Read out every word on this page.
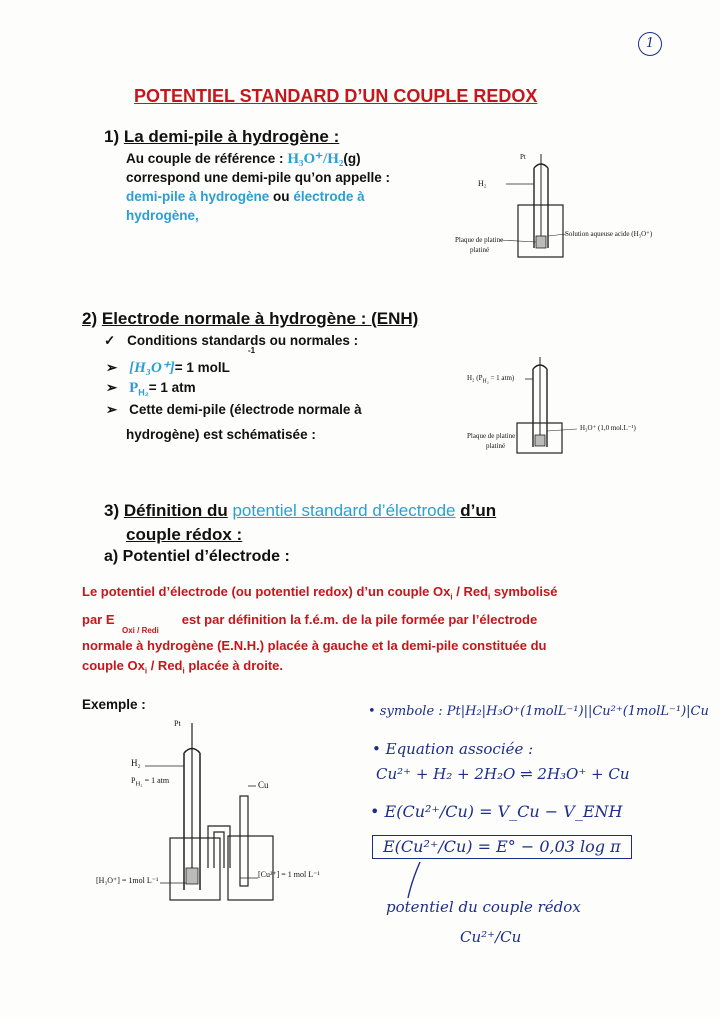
1
POTENTIEL STANDARD D’UN COUPLE REDOX
1) La demi-pile à hydrogène :
Au couple de référence : H₃O⁺/H₂(g)
correspond une demi-pile qu’on appelle :
demi-pile à hydrogène ou électrode à
hydrogène,
Pt
H₂
Plaque de platine
platiné
Solution aqueuse acide (H₃O⁺)
2) Electrode normale à hydrogène : (ENH)
✓ Conditions standards ou normales :
➢ [H₃O⁺]= 1 molL
-1
➢ $P_{H_2}= 1$ atm
➢ Cette demi-pile (électrode normale à
hydrogène) est schématisée :
H₂ ($P_{H_2} = 1$ atm)
Plaque de platine
platiné
H₃O⁺ (1,0 mol.L⁻¹)
3) Définition du potentiel standard d’électrode d’un
couple rédox :
a) Potentiel d’électrode :
Le potentiel d’électrode (ou potentiel redox) d’un couple $Ox_i / Red_i$ symbolisé
par E	est par définition la f.é.m. de la pile formée par l’électrode
Oxi / Redi
normale à hydrogène (E.N.H.) placée à gauche et la demi-pile constituée du
couple $Ox_i / Red_i$ placée à droite.
Exemple :
Pt
H₂
$P_{H_2} = 1$ atm	Cu
[H₃O⁺] = 1mol L⁻¹
[Cu²⁺] = 1 mol L⁻¹
• symbole : Pt|H₂|H₃O⁺(1molL⁻¹)||Cu²⁺(1molL⁻¹)|Cu
• Equation associée :
Cu²⁺ + H₂ + 2H₂O ⇌ 2H₃O⁺ + Cu
• E(Cu²⁺/Cu) = V_Cu − V_ENH
E(Cu²⁺/Cu) = E° − 0,03 log π
potentiel du couple rédox
Cu²⁺/Cu
